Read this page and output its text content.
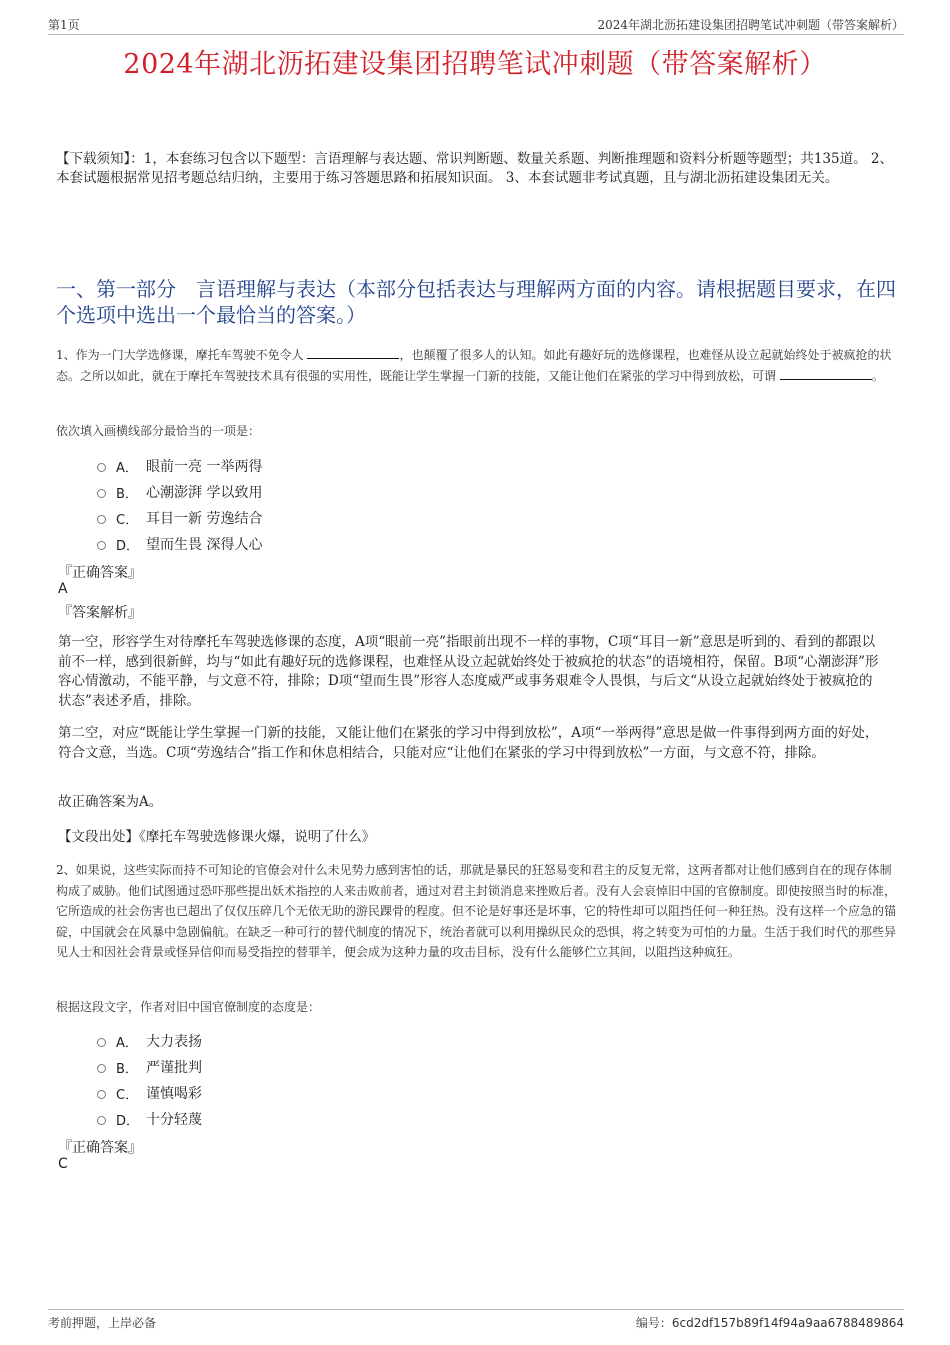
第1页	2024年湖北沥拓建设集团招聘笔试冲刺题（带答案解析）
2024年湖北沥拓建设集团招聘笔试冲刺题（带答案解析）
【下载须知】：1，本套练习包含以下题型：言语理解与表达题、常识判断题、数量关系题、判断推理题和资料分析题等题型；共135道。 2、本套试题根据常见招考题总结归纳，主要用于练习答题思路和拓展知识面。 3、本套试题非考试真题，且与湖北沥拓建设集团无关。
一、第一部分　言语理解与表达（本部分包括表达与理解两方面的内容。请根据题目要求，在四个选项中选出一个最恰当的答案。）
1、作为一门大学选修课，摩托车驾驶不免令人	，也颠覆了很多人的认知。如此有趣好玩的选修课程，也难怪从设立起就始终处于被疯抢的状态。之所以如此，就在于摩托车驾驶技术具有很强的实用性，既能让学生掌握一门新的技能，又能让他们在紧张的学习中得到放松，可谓	。
依次填入画横线部分最恰当的一项是：
A． 眼前一亮 一举两得
B． 心潮澎湃 学以致用
C． 耳目一新 劳逸结合
D． 望而生畏 深得人心
『正确答案』
A
『答案解析』
第一空，形容学生对待摩托车驾驶选修课的态度，A项“眼前一亮”指眼前出现不一样的事物，C项“耳目一新”意思是听到的、看到的都跟以前不一样，感到很新鲜，均与“如此有趣好玩的选修课程，也难怪从设立起就始终处于被疯抢的状态”的语境相符，保留。B项“心潮澎湃”形容心情激动，不能平静，与文意不符，排除；D项“望而生畏”形容人态度威严或事务艰难令人畏惧，与后文“从设立起就始终处于被疯抢的状态”表述矛盾，排除。
第二空，对应“既能让学生掌握一门新的技能，又能让他们在紧张的学习中得到放松”，A项“一举两得”意思是做一件事得到两方面的好处，符合文意，当选。C项“劳逸结合”指工作和休息相结合，只能对应“让他们在紧张的学习中得到放松”一方面，与文意不符，排除。
故正确答案为A。
【文段出处】《摩托车驾驶选修课火爆，说明了什么》
2、如果说，这些实际而持不可知论的官僚会对什么未见势力感到害怕的话，那就是暴民的狂怒易变和君主的反复无常，这两者都对让他们感到自在的现存体制构成了威胁。他们试图通过恐吓那些提出妖术指控的人来击败前者，通过对君主封锁消息来挫败后者。没有人会哀悼旧中国的官僚制度。即使按照当时的标准，它所造成的社会伤害也已超出了仅仅压碎几个无依无助的游民踝骨的程度。但不论是好事还是坏事，它的特性却可以阻挡任何一种狂热。没有这样一个应急的锚碇，中国就会在风暴中急剧偏航。在缺乏一种可行的替代制度的情况下，统治者就可以利用操纵民众的恐惧，将之转变为可怕的力量。生活于我们时代的那些异见人士和因社会背景或怪异信仰而易受指控的替罪羊，便会成为这种力量的攻击目标，没有什么能够伫立其间，以阻挡这种疯狂。
根据这段文字，作者对旧中国官僚制度的态度是：
A． 大力表扬
B． 严谨批判
C． 谨慎喝彩
D． 十分轻蔑
『正确答案』
C
考前押题，上岸必备	编号：6cd2df157b89f14f94a9aa6788489864
